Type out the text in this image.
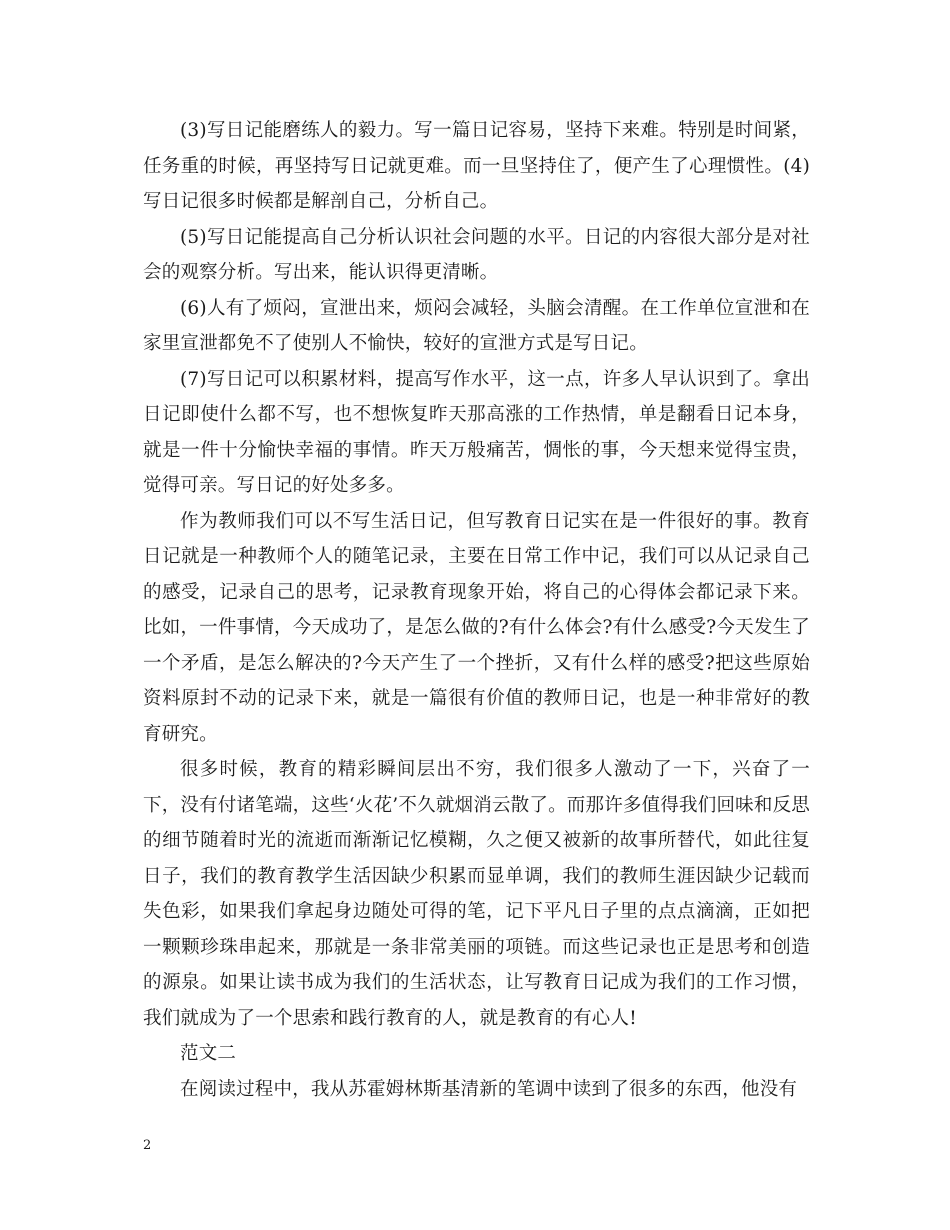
(3)写日记能磨练人的毅力。写一篇日记容易，坚持下来难。特别是时间紧，任务重的时候，再坚持写日记就更难。而一旦坚持住了，便产生了心理惯性。(4)写日记很多时候都是解剖自己，分析自己。

(5)写日记能提高自己分析认识社会问题的水平。日记的内容很大部分是对社会的观察分析。写出来，能认识得更清晰。

(6)人有了烦闷，宣泄出来，烦闷会减轻，头脑会清醒。在工作单位宣泄和在家里宣泄都免不了使别人不愉快，较好的宣泄方式是写日记。

(7)写日记可以积累材料，提高写作水平，这一点，许多人早认识到了。拿出日记即使什么都不写，也不想恢复昨天那高涨的工作热情，单是翻看日记本身，就是一件十分愉快幸福的事情。昨天万般痛苦，惆怅的事，今天想来觉得宝贵，觉得可亲。写日记的好处多多。

作为教师我们可以不写生活日记，但写教育日记实在是一件很好的事。教育日记就是一种教师个人的随笔记录，主要在日常工作中记，我们可以从记录自己的感受，记录自己的思考，记录教育现象开始，将自己的心得体会都记录下来。比如，一件事情，今天成功了，是怎么做的?有什么体会?有什么感受?今天发生了一个矛盾，是怎么解决的?今天产生了一个挫折，又有什么样的感受?把这些原始资料原封不动的记录下来，就是一篇很有价值的教师日记，也是一种非常好的教育研究。

很多时候，教育的精彩瞬间层出不穷，我们很多人激动了一下，兴奋了一下，没有付诸笔端，这些‘火花’不久就烟消云散了。而那许多值得我们回味和反思的细节随着时光的流逝而渐渐记忆模糊，久之便又被新的故事所替代，如此往复日子，我们的教育教学生活因缺少积累而显单调，我们的教师生涯因缺少记载而失色彩，如果我们拿起身边随处可得的笔，记下平凡日子里的点点滴滴，正如把一颗颗珍珠串起来，那就是一条非常美丽的项链。而这些记录也正是思考和创造的源泉。如果让读书成为我们的生活状态，让写教育日记成为我们的工作习惯，我们就成为了一个思索和践行教育的人，就是教育的有心人!

范文二

在阅读过程中，我从苏霍姆林斯基清新的笔调中读到了很多的东西，他没有

2
